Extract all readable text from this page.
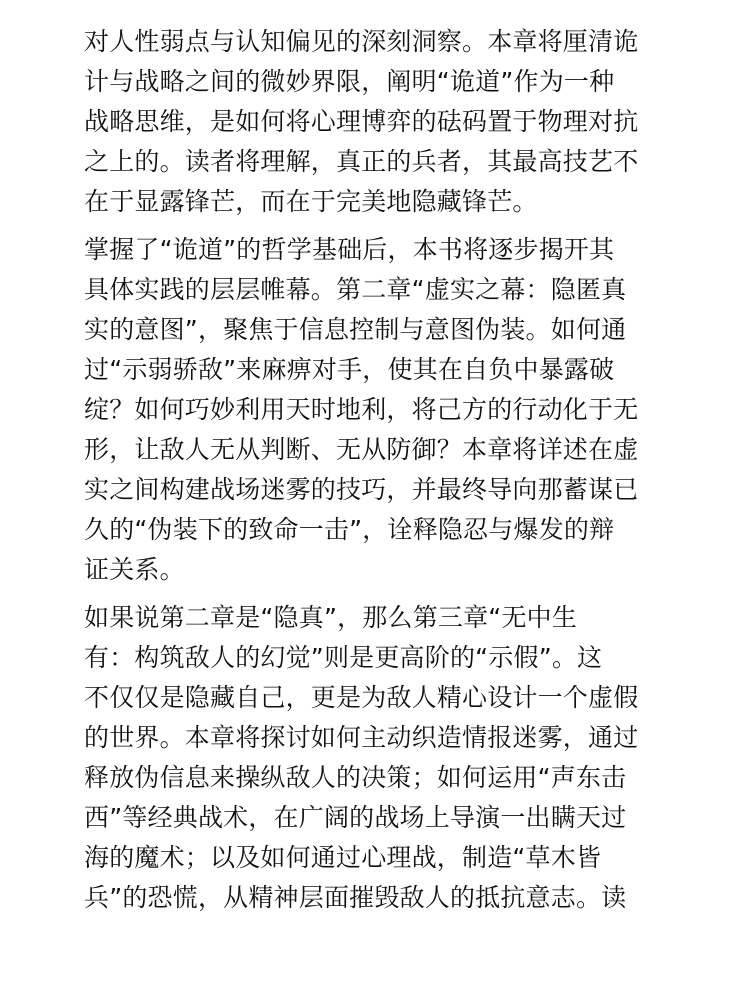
对人性弱点与认知偏见的深刻洞察。本章将厘清诡
计与战略之间的微妙界限，阐明“诡道”作为一种
战略思维，是如何将心理博弈的砝码置于物理对抗
之上的。读者将理解，真正的兵者，其最高技艺不
在于显露锋芒，而在于完美地隐藏锋芒。
掌握了“诡道”的哲学基础后，本书将逐步揭开其
具体实践的层层帷幕。第二章“虚实之幕：隐匿真
实的意图”，聚焦于信息控制与意图伪装。如何通
过“示弱骄敌”来麻痹对手，使其在自负中暴露破
绽？如何巧妙利用天时地利，将己方的行动化于无
形，让敌人无从判断、无从防御？本章将详述在虚
实之间构建战场迷雾的技巧，并最终导向那蓄谋已
久的“伪装下的致命一击”，诠释隐忍与爆发的辩
证关系。
如果说第二章是“隐真”，那么第三章“无中生
有：构筑敌人的幻觉”则是更高阶的“示假”。这
不仅仅是隐藏自己，更是为敌人精心设计一个虚假
的世界。本章将探讨如何主动织造情报迷雾，通过
释放伪信息来操纵敌人的决策；如何运用“声东击
西”等经典战术，在广阔的战场上导演一出瞒天过
海的魔术；以及如何通过心理战，制造“草木皆
兵”的恐慌，从精神层面摧毁敌人的抵抗意志。读
